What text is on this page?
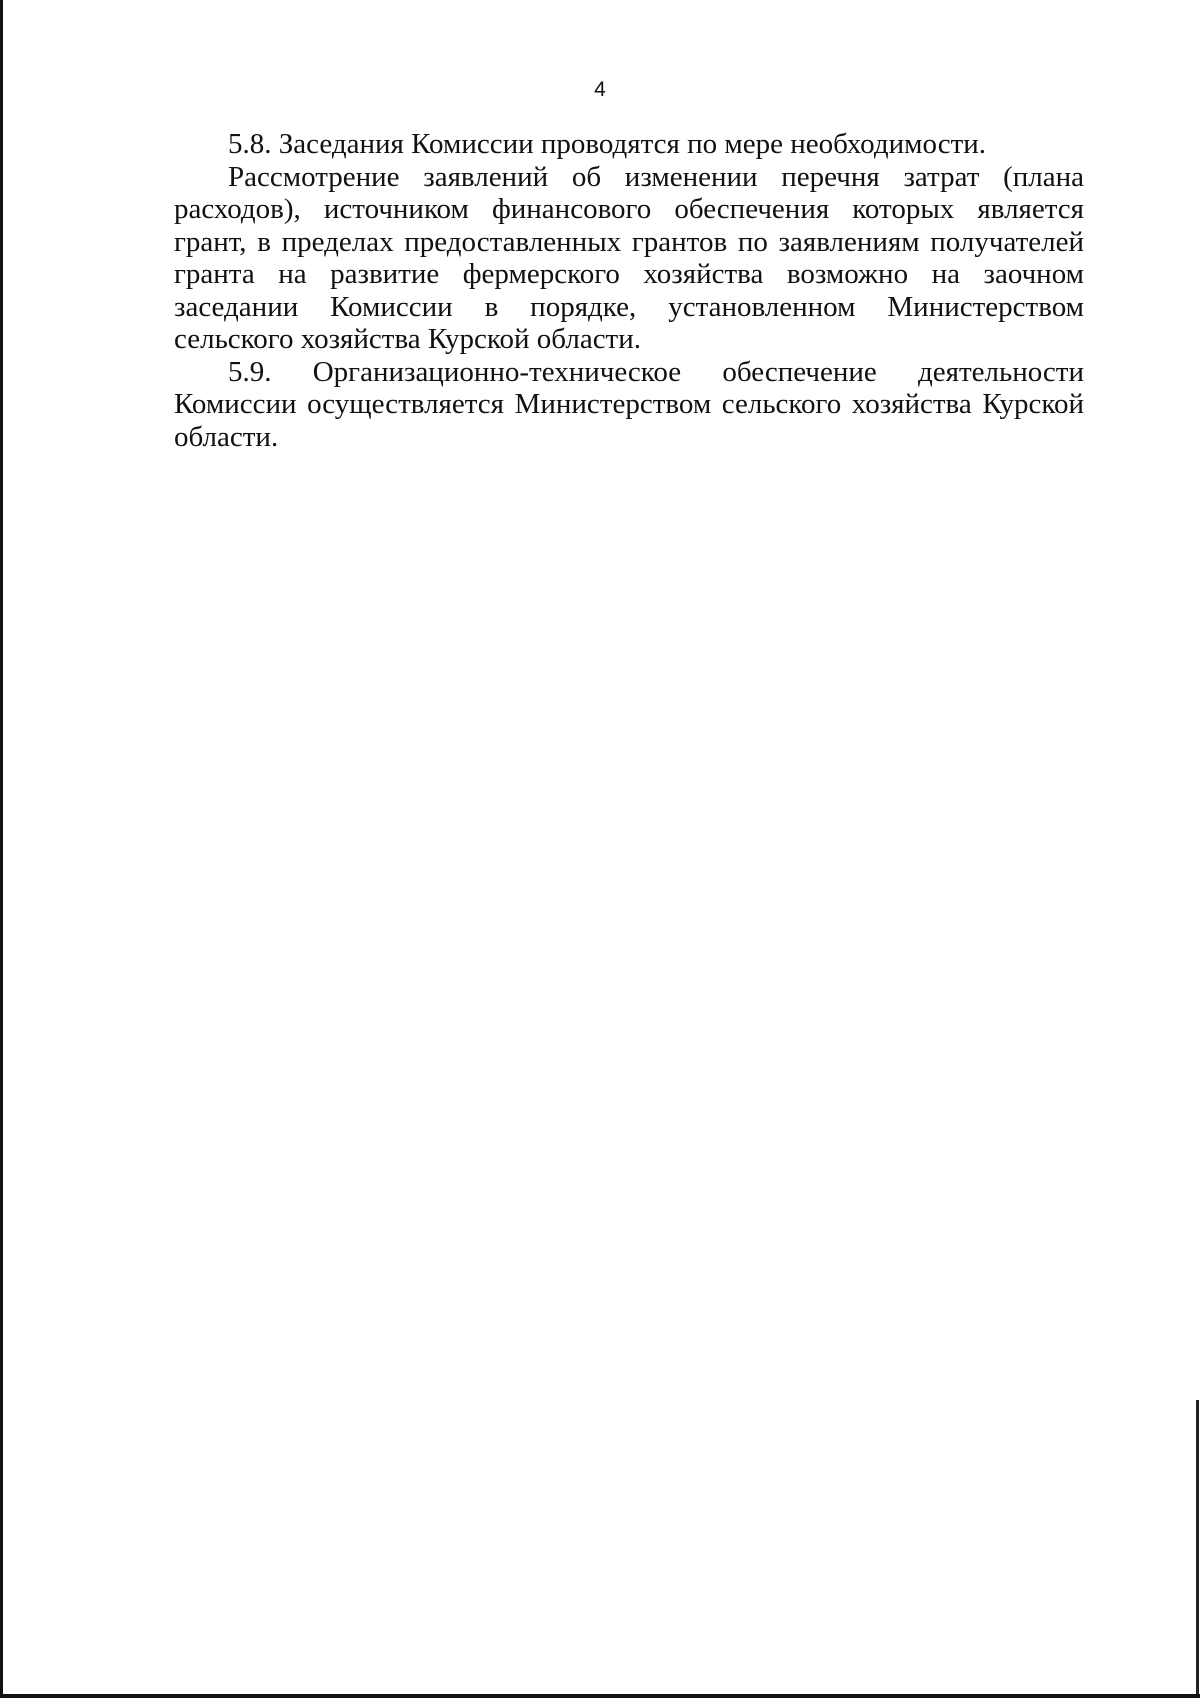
4

5.8. Заседания Комиссии проводятся по мере необходимости.

Рассмотрение заявлений об изменении перечня затрат (плана расходов), источником финансового обеспечения которых является грант, в пределах предоставленных грантов по заявлениям получателей гранта на развитие фермерского хозяйства возможно на заочном заседании Комиссии в порядке, установленном Министерством сельского хозяйства Курской области.

5.9. Организационно-техническое обеспечение деятельности Комиссии осуществляется Министерством сельского хозяйства Курской области.
